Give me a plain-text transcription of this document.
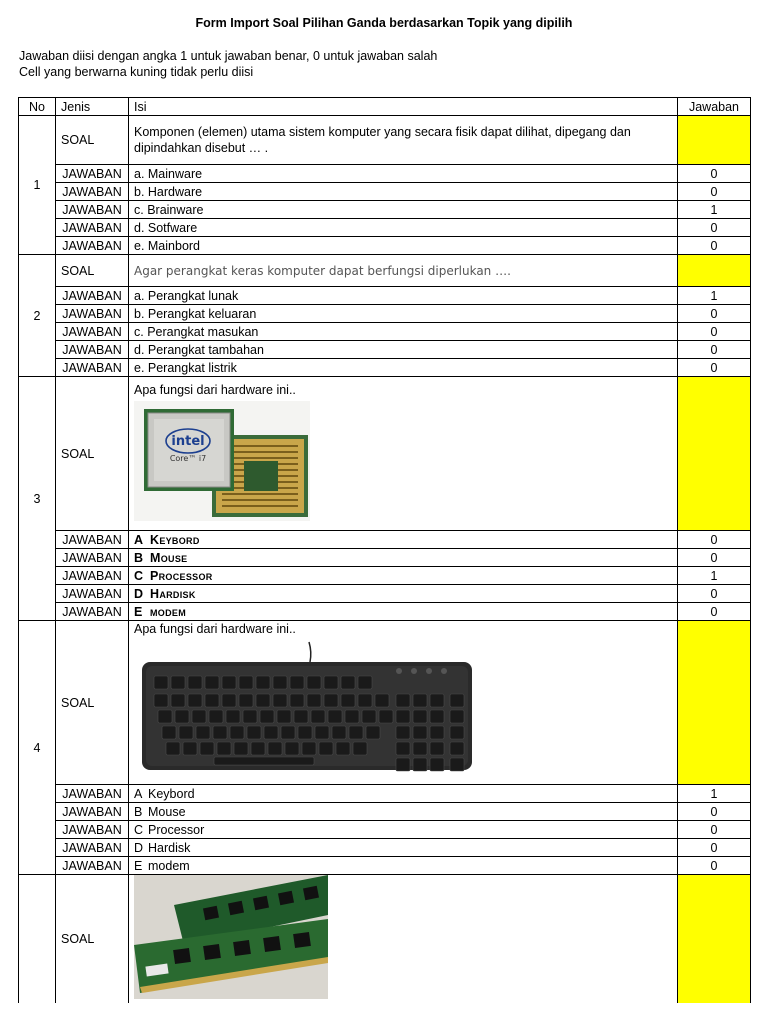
Form Import Soal Pilihan Ganda berdasarkan Topik yang dipilih
Jawaban diisi dengan angka 1 untuk jawaban benar, 0 untuk jawaban salah
Cell yang berwarna kuning tidak perlu diisi
No	Jenis	Isi	Jawaban
1	SOAL	Komponen (elemen) utama sistem komputer yang secara fisik dapat dilihat, dipegang dan dipindahkan disebut … .	
	JAWABAN	a. Mainware	0
	JAWABAN	b. Hardware	0
	JAWABAN	c. Brainware	1
	JAWABAN	d. Sotfware	0
	JAWABAN	e. Mainbord	0
2	SOAL	Agar perangkat keras komputer dapat berfungsi diperlukan ….	
	JAWABAN	a. Perangkat lunak	1
	JAWABAN	b. Perangkat keluaran	0
	JAWABAN	c. Perangkat masukan	0
	JAWABAN	d. Perangkat tambahan	0
	JAWABAN	e. Perangkat listrik	0
3	SOAL	Apa fungsi dari hardware ini..
intel
Core™ i7	

	JAWABAN	A Keybord	0
	JAWABAN	B Mouse	0
	JAWABAN	C Processor	1
	JAWABAN	D Hardisk	0
	JAWABAN	E modem	0
4	SOAL	Apa fungsi dari hardware ini..	

	JAWABAN	A Keybord	1
	JAWABAN	B Mouse	0
	JAWABAN	C Processor	0
	JAWABAN	D Hardisk	0
	JAWABAN	E modem	0
	SOAL	
